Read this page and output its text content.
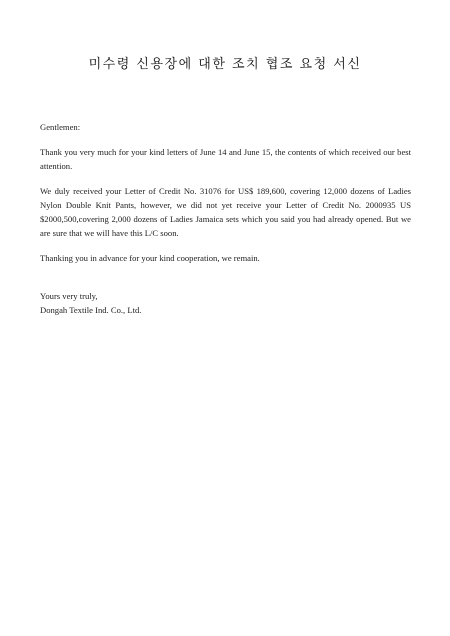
미수령 신용장에 대한 조치 협조 요청 서신

Gentlemen:

Thank you very much for your kind letters of June 14 and June 15, the contents of which received our best attention.

We duly received your Letter of Credit No. 31076 for US$ 189,600, covering 12,000 dozens of Ladies Nylon Double Knit Pants, however, we did not yet receive your Letter of Credit No. 2000935 US $2000,500,covering 2,000 dozens of Ladies Jamaica sets which you said you had already opened. But we are sure that we will have this L/C soon.

Thanking you in advance for your kind cooperation, we remain.

Yours very truly,

Dongah Textile Ind. Co., Ltd.
